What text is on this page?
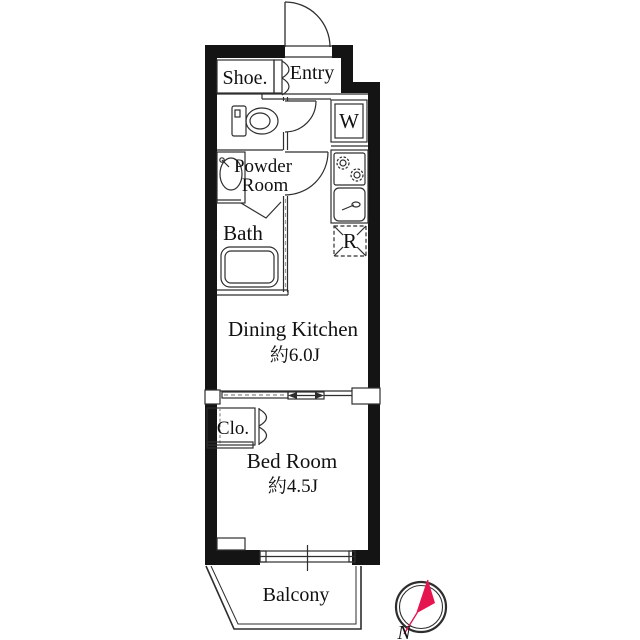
N
Shoe. Entry
Powder
Room
Bath
W
R
Dining Kitchen
約6.0J
Clo.
Bed Room
約4.5J
Balcony
